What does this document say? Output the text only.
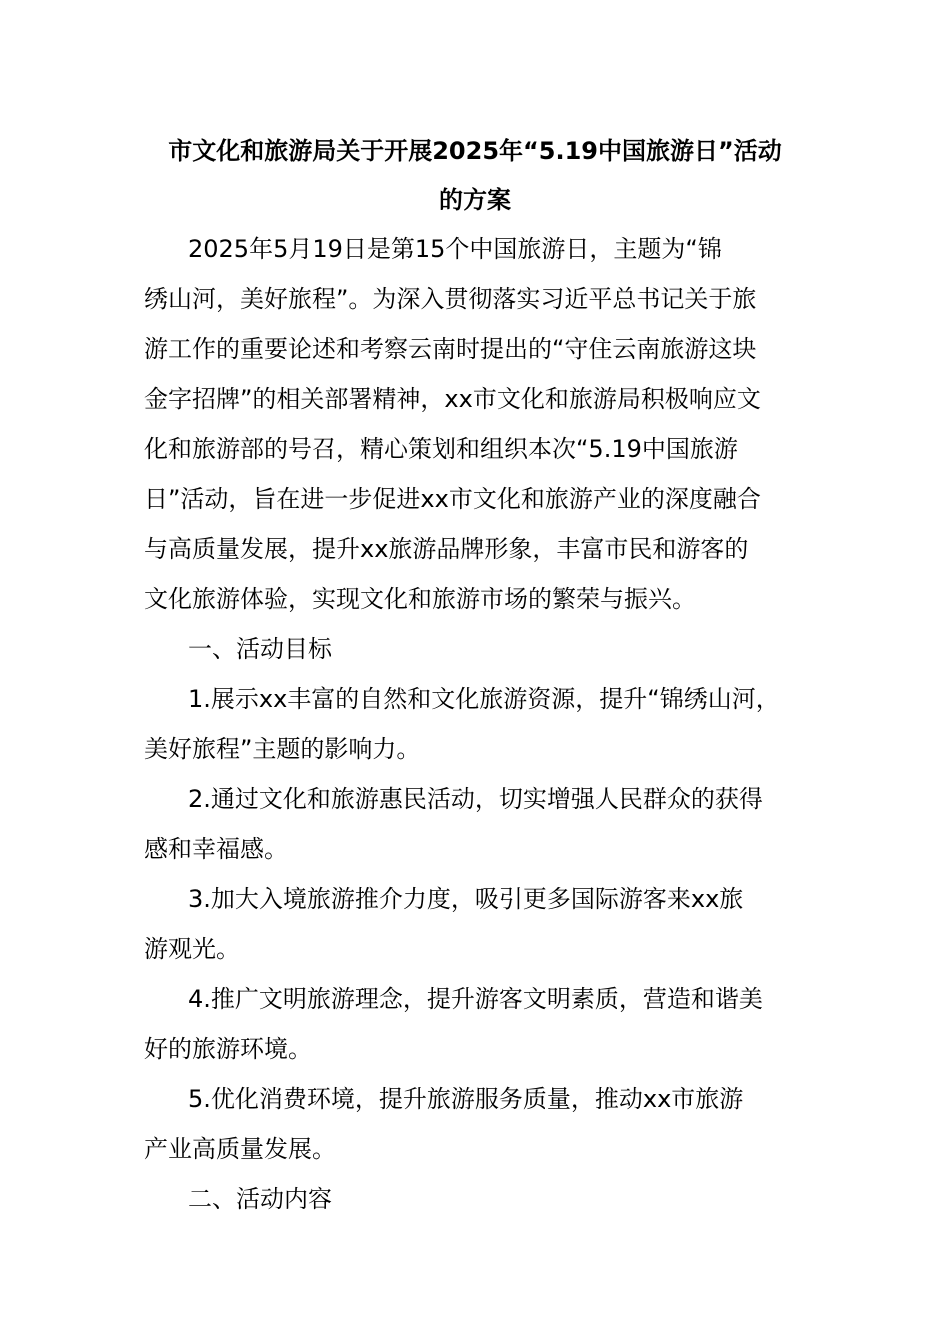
市文化和旅游局关于开展2025年“5.19中国旅游日”活动
的方案
2025年5月19日是第15个中国旅游日，主题为“锦
绣山河，美好旅程”。为深入贯彻落实习近平总书记关于旅
游工作的重要论述和考察云南时提出的“守住云南旅游这块
金字招牌”的相关部署精神，xx市文化和旅游局积极响应文
化和旅游部的号召，精心策划和组织本次“5.19中国旅游
日”活动，旨在进一步促进xx市文化和旅游产业的深度融合
与高质量发展，提升xx旅游品牌形象，丰富市民和游客的
文化旅游体验，实现文化和旅游市场的繁荣与振兴。
一、活动目标
1.展示xx丰富的自然和文化旅游资源，提升“锦绣山河，
美好旅程”主题的影响力。
2.通过文化和旅游惠民活动，切实增强人民群众的获得
感和幸福感。
3.加大入境旅游推介力度，吸引更多国际游客来xx旅
游观光。
4.推广文明旅游理念，提升游客文明素质，营造和谐美
好的旅游环境。
5.优化消费环境，提升旅游服务质量，推动xx市旅游
产业高质量发展。
二、活动内容
